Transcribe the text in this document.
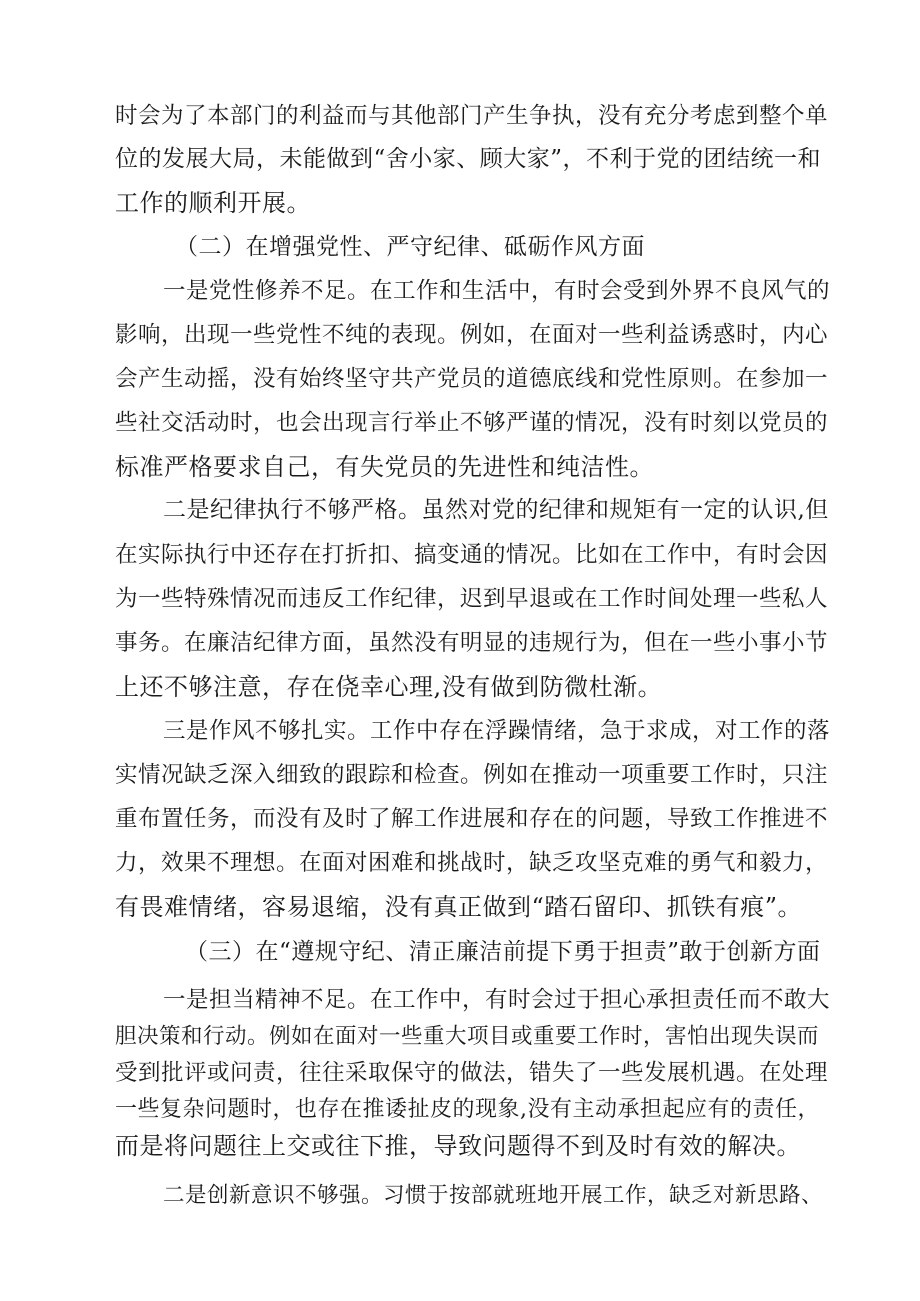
时会为了本部门的利益而与其他部门产生争执，没有充分考虑到整个单
位的发展大局，未能做到“舍小家、顾大家”，不利于党的团结统一和
工作的顺利开展。
（二）在增强党性、严守纪律、砥砺作风方面
一是党性修养不足。在工作和生活中，有时会受到外界不良风气的
影响，出现一些党性不纯的表现。例如，在面对一些利益诱惑时，内心
会产生动摇，没有始终坚守共产党员的道德底线和党性原则。在参加一
些社交活动时，也会出现言行举止不够严谨的情况，没有时刻以党员的
标准严格要求自己，有失党员的先进性和纯洁性。
二是纪律执行不够严格。虽然对党的纪律和规矩有一定的认识,但
在实际执行中还存在打折扣、搞变通的情况。比如在工作中，有时会因
为一些特殊情况而违反工作纪律，迟到早退或在工作时间处理一些私人
事务。在廉洁纪律方面，虽然没有明显的违规行为，但在一些小事小节
上还不够注意，存在侥幸心理,没有做到防微杜渐。
三是作风不够扎实。工作中存在浮躁情绪，急于求成，对工作的落
实情况缺乏深入细致的跟踪和检查。例如在推动一项重要工作时，只注
重布置任务，而没有及时了解工作进展和存在的问题，导致工作推进不
力，效果不理想。在面对困难和挑战时，缺乏攻坚克难的勇气和毅力，
有畏难情绪，容易退缩，没有真正做到“踏石留印、抓铁有痕”。
（三）在“遵规守纪、清正廉洁前提下勇于担责”敢于创新方面
一是担当精神不足。在工作中，有时会过于担心承担责任而不敢大
胆决策和行动。例如在面对一些重大项目或重要工作时，害怕出现失误而
受到批评或问责，往往采取保守的做法，错失了一些发展机遇。在处理
一些复杂问题时，也存在推诿扯皮的现象,没有主动承担起应有的责任，
而是将问题往上交或往下推，导致问题得不到及时有效的解决。
二是创新意识不够强。习惯于按部就班地开展工作，缺乏对新思路、
